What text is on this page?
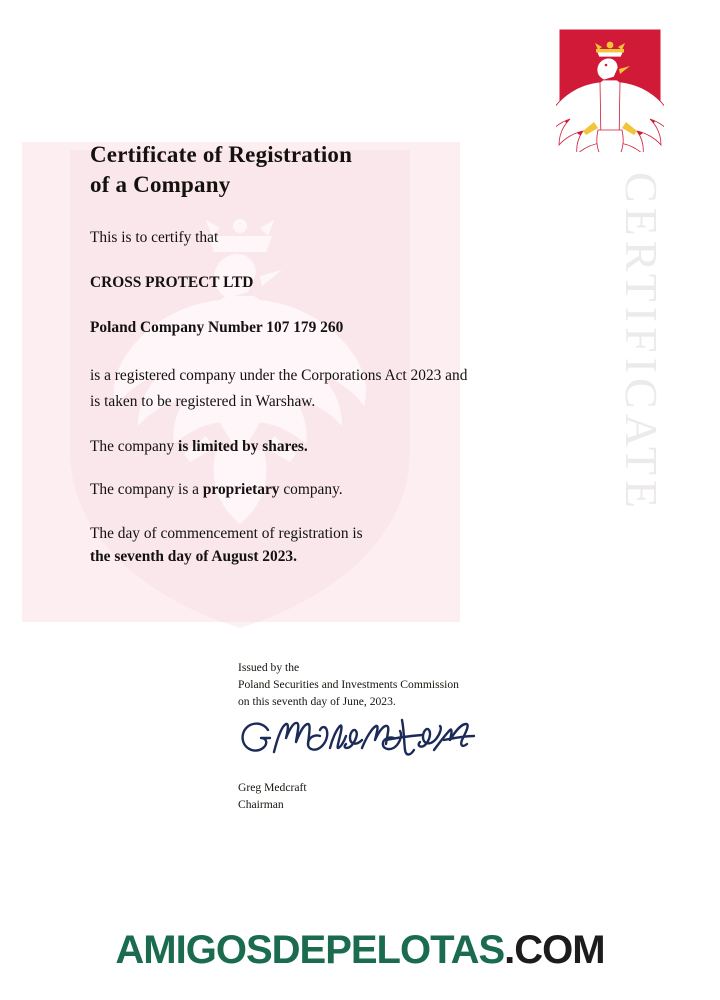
CERTIFICATE
Certificate of Registration
of a Company

This is to certify that

CROSS PROTECT LTD

Poland Company Number 107 179 260

is a registered company under the Corporations Act 2023 and
is taken to be registered in Warshaw.

The company is limited by shares.

The company is a proprietary company.

The day of commencement of registration is
the seventh day of August 2023.
Issued by the
Poland Securities and Investments Commission
on this seventh day of June, 2023.
Greg Medcraft
Chairman
AMIGOSDEPELOTAS.COM
